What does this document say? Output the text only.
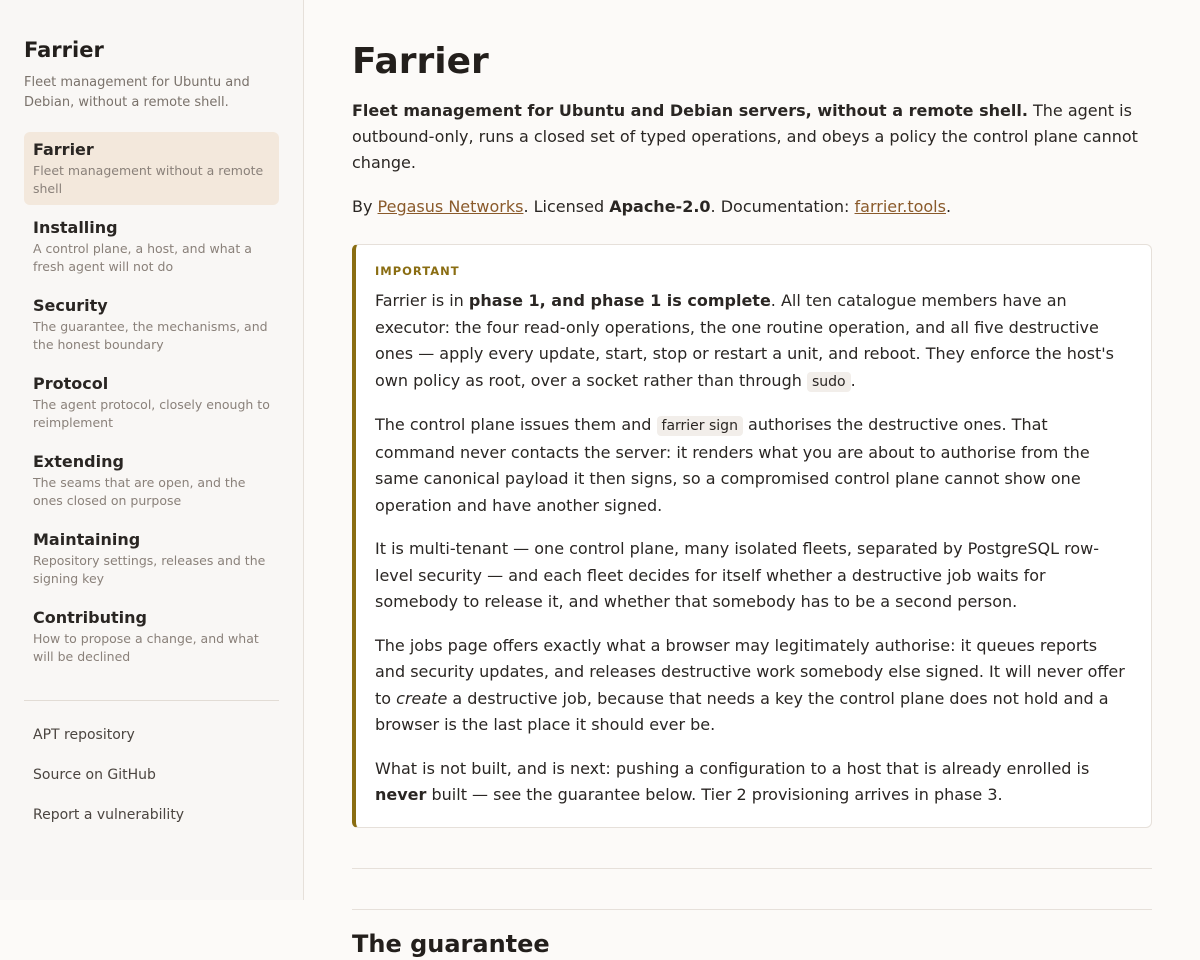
Farrier
Fleet management for Ubuntu and Debian, without a remote shell.
Farrier
Fleet management without a remote shell
Installing
A control plane, a host, and what a fresh agent will not do
Security
The guarantee, the mechanisms, and the honest boundary
Protocol
The agent protocol, closely enough to reimplement
Extending
The seams that are open, and the ones closed on purpose
Maintaining
Repository settings, releases and the signing key
Contributing
How to propose a change, and what will be declined
APT repository
Source on GitHub
Report a vulnerability
Farrier

Fleet management for Ubuntu and Debian servers, without a remote shell. The agent is outbound-only, runs a closed set of typed operations, and obeys a policy the control plane cannot change.

By Pegasus Networks. Licensed Apache-2.0. Documentation: farrier.tools.

IMPORTANT

Farrier is in phase 1, and phase 1 is complete. All ten catalogue members have an executor: the four read-only operations, the one routine operation, and all five destructive ones — apply every update, start, stop or restart a unit, and reboot. They enforce the host's own policy as root, over a socket rather than through sudo .

The control plane issues them and farrier sign authorises the destructive ones. That command never contacts the server: it renders what you are about to authorise from the same canonical payload it then signs, so a compromised control plane cannot show one operation and have another signed.

It is multi-tenant — one control plane, many isolated fleets, separated by PostgreSQL row-level security — and each fleet decides for itself whether a destructive job waits for somebody to release it, and whether that somebody has to be a second person.

The jobs page offers exactly what a browser may legitimately authorise: it queues reports and security updates, and releases destructive work somebody else signed. It will never offer to create a destructive job, because that needs a key the control plane does not hold and a browser is the last place it should ever be.

What is not built, and is next: pushing a configuration to a host that is already enrolled is never built — see the guarantee below. Tier 2 provisioning arrives in phase 3.

The guarantee
